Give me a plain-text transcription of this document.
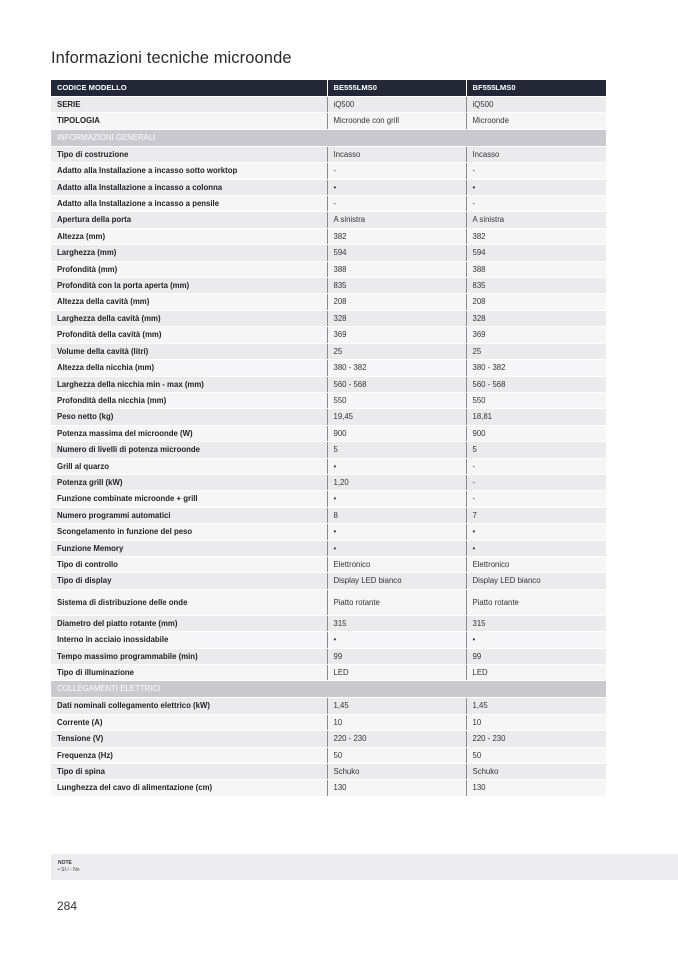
Informazioni tecniche microonde
CODICE MODELLO	BE555LMS0	BF555LMS0
SERIE	iQ500	iQ500
TIPOLOGIA	Microonde con grill	Microonde
INFORMAZIONI GENERALI		
Tipo di costruzione	Incasso	Incasso
Adatto alla Installazione a incasso sotto worktop	-	-
Adatto alla Installazione a incasso a colonna	•	•
Adatto alla Installazione a incasso a pensile	-	-
Apertura della porta	A sinistra	A sinistra
Altezza (mm)	382	382
Larghezza (mm)	594	594
Profondità (mm)	388	388
Profondità con la porta aperta (mm)	835	835
Altezza della cavità (mm)	208	208
Larghezza della cavità (mm)	328	328
Profondità della cavità (mm)	369	369
Volume della cavità (litri)	25	25
Altezza della nicchia (mm)	380 - 382	380 - 382
Larghezza della nicchia min - max (mm)	560 - 568	560 - 568
Profondità della nicchia (mm)	550	550
Peso netto (kg)	19,45	18,81
Potenza massima del microonde (W)	900	900
Numero di livelli di potenza microonde	5	5
Grill al quarzo	•	-
Potenza grill (kW)	1,20	-
Funzione combinate microonde + grill	•	-
Numero programmi automatici	8	7
Scongelamento in funzione del peso	•	•
Funzione Memory	•	•
Tipo di controllo	Elettronico	Elettronico
Tipo di display	Display LED bianco	Display LED bianco
Sistema di distribuzione delle onde	Piatto rotante	Piatto rotante
Diametro del piatto rotante (mm)	315	315
Interno in acciaio inossidabile	•	•
Tempo massimo programmabile (min)	99	99
Tipo di illuminazione	LED	LED
COLLEGAMENTI ELETTRICI		
Dati nominali collegamento elettrico (kW)	1,45	1,45
Corrente (A)	10	10
Tensione (V)	220 - 230	220 - 230
Frequenza (Hz)	50	50
Tipo di spina	Schuko	Schuko
Lunghezza del cavo di alimentazione (cm)	130	130
NOTE
• SI / - No
284
